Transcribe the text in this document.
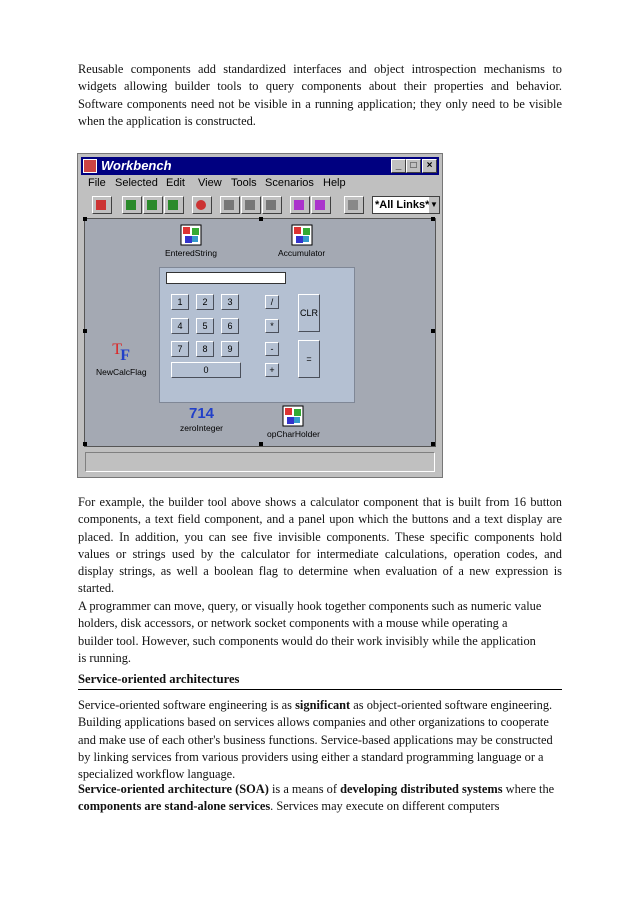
Reusable components add standardized interfaces and object introspection mechanisms to widgets allowing builder tools to query components about their properties and behavior. Software components need not be visible in a running application; they only need to be visible when the application is constructed.

Workbench	_ □	×
File Selected Edit View Tools Scenarios Help
*All Links* ▼
EnteredString	Accumulator
1	2	3
4	5	6
7	8	9
0
/
*
-
+
CLR
=
T
F
NewCalcFlag
714
zeroInteger
opCharHolder

For example, the builder tool above shows a calculator component that is built from 16 button components, a text field component, and a panel upon which the buttons and a text display are placed. In addition, you can see five invisible components. These specific components hold values or strings used by the calculator for intermediate calculations, operation codes, and display strings, as well a boolean flag to determine when evaluation of a new expression is started.

A programmer can move, query, or visually hook together components such as numeric value
holders, disk accessors, or network socket components with a mouse while operating a
builder tool. However, such components would do their work invisibly while the application
is running.
Service-oriented architectures

Service-oriented software engineering is as significant as object-oriented software engineering. Building applications based on services allows companies and other organizations to cooperate and make use of each other's business functions. Service-based applications may be constructed by linking services from various providers using either a standard programming language or a specialized workflow language.

Service-oriented architecture (SOA) is a means of developing distributed systems where the components are stand-alone services. Services may execute on different computers
